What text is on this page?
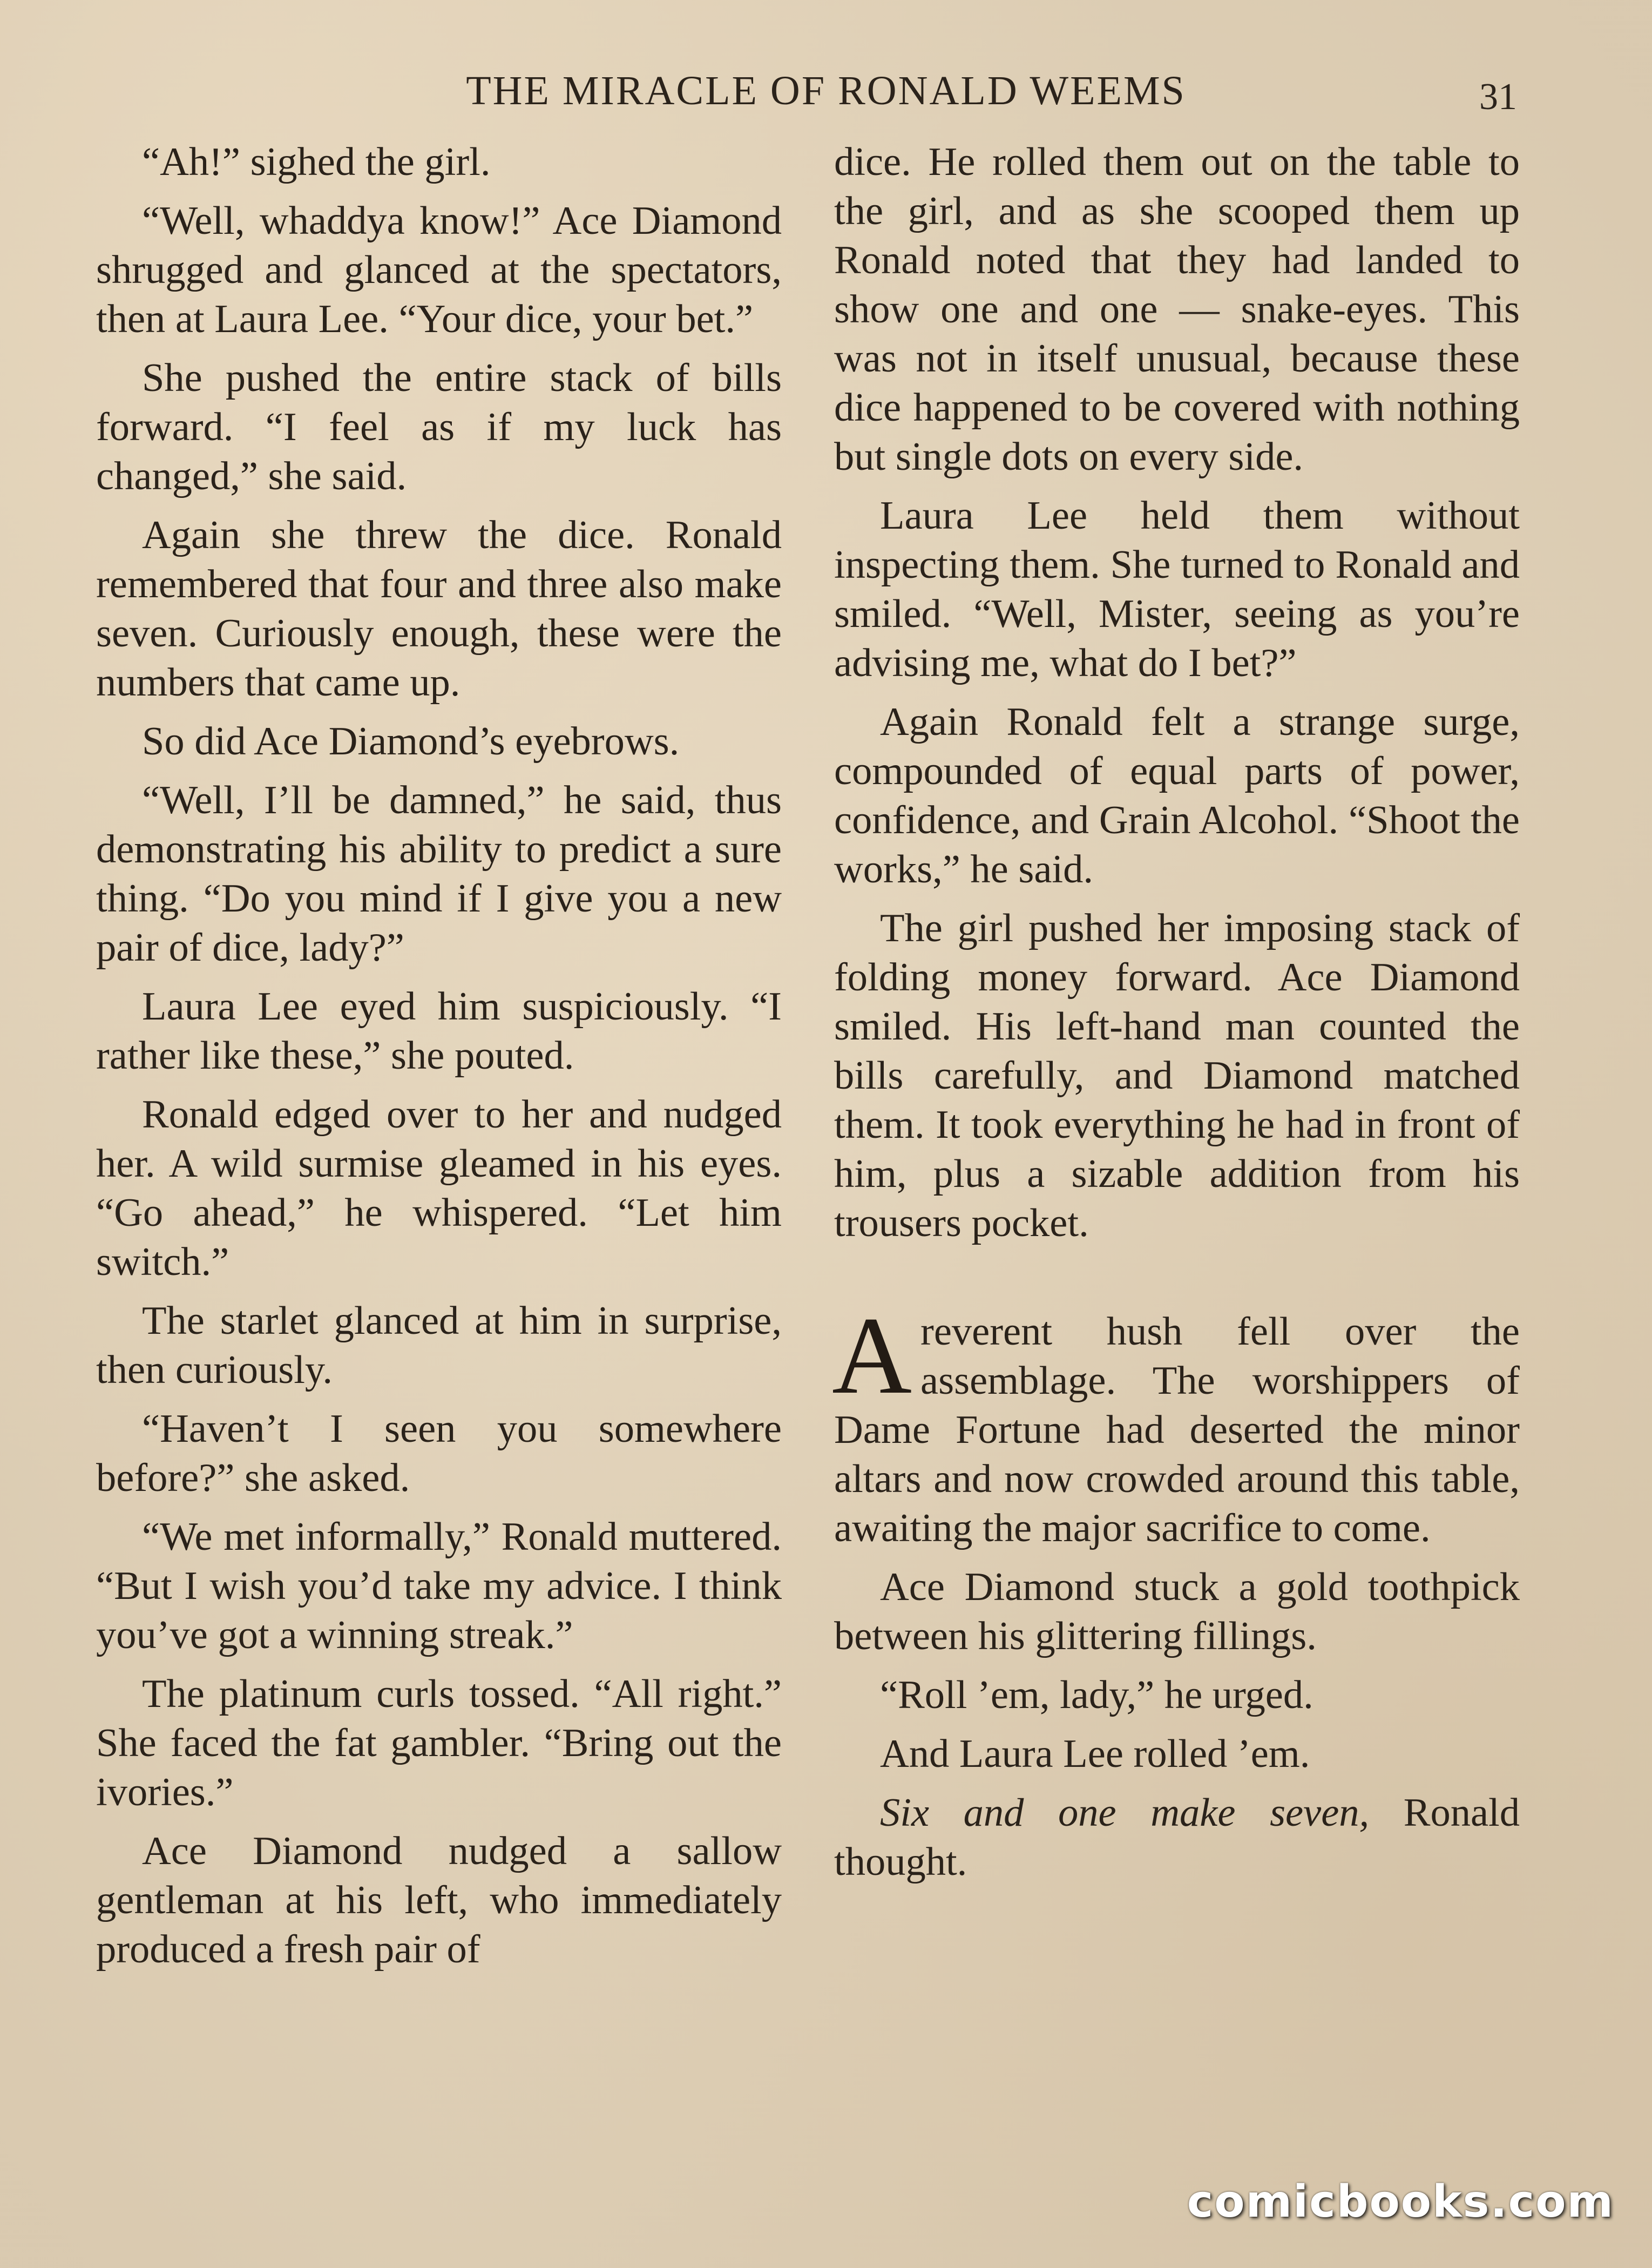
THE MIRACLE OF RONALD WEEMS	31

“Ah!” sighed the girl.

“Well, whaddya know!” Ace Diamond shrugged and glanced at the spectators, then at Laura Lee. “Your dice, your bet.”

She pushed the entire stack of bills forward. “I feel as if my luck has changed,” she said.

Again she threw the dice. Ronald remembered that four and three also make seven. Curiously enough, these were the numbers that came up.

So did Ace Diamond’s eyebrows.

“Well, I’ll be damned,” he said, thus demonstrating his ability to predict a sure thing. “Do you mind if I give you a new pair of dice, lady?”

Laura Lee eyed him suspiciously. “I rather like these,” she pouted.

Ronald edged over to her and nudged her. A wild surmise gleamed in his eyes. “Go ahead,” he whispered. “Let him switch.”

The starlet glanced at him in surprise, then curiously.

“Haven’t I seen you somewhere before?” she asked.

“We met informally,” Ronald muttered. “But I wish you’d take my advice. I think you’ve got a winning streak.”

The platinum curls tossed. “All right.” She faced the fat gambler. “Bring out the ivories.”

Ace Diamond nudged a sallow gentleman at his left, who immediately produced a fresh pair of

dice. He rolled them out on the table to the girl, and as she scooped them up Ronald noted that they had landed to show one and one — snake-eyes. This was not in itself unusual, because these dice happened to be covered with nothing but single dots on every side.

Laura Lee held them without inspecting them. She turned to Ronald and smiled. “Well, Mister, seeing as you’re advising me, what do I bet?”

Again Ronald felt a strange surge, compounded of equal parts of power, confidence, and Grain Alcohol. “Shoot the works,” he said.

The girl pushed her imposing stack of folding money forward. Ace Diamond smiled. His left-hand man counted the bills carefully, and Diamond matched them. It took everything he had in front of him, plus a sizable addition from his trousers pocket.

Areverent hush fell over the assemblage. The worshippers of Dame Fortune had deserted the minor altars and now crowded around this table, awaiting the major sacrifice to come.

Ace Diamond stuck a gold toothpick between his glittering fillings.

“Roll ’em, lady,” he urged.

And Laura Lee rolled ’em.

Six and one make seven, Ronald thought.

comicbooks.com
